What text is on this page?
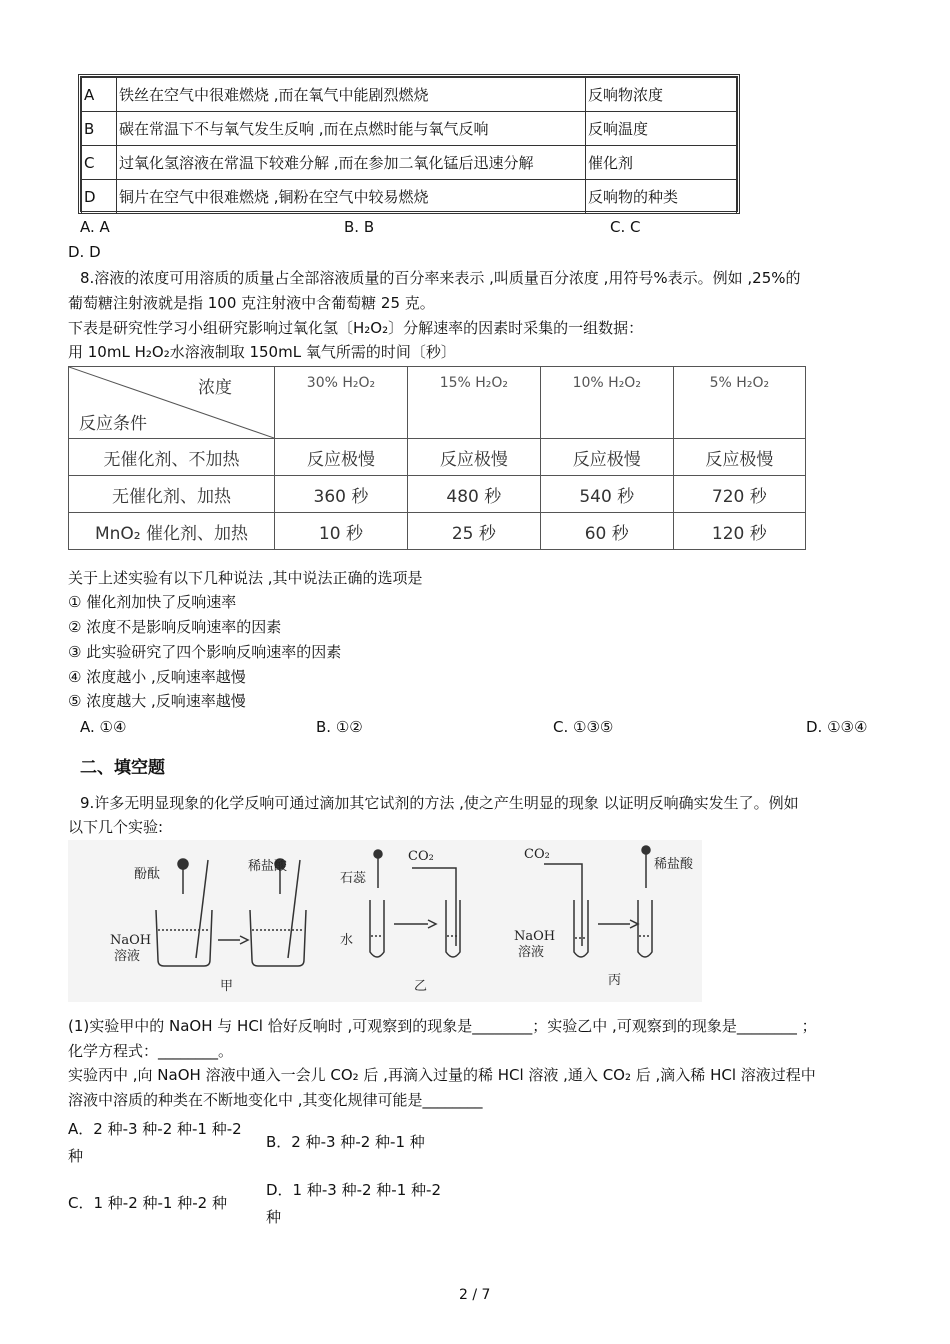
A	铁丝在空气中很难燃烧 ,而在氧气中能剧烈燃烧	反响物浓度
B	碳在常温下不与氧气发生反响 ,而在点燃时能与氧气反响	反响温度
C	过氧化氢溶液在常温下较难分解 ,而在参加二氧化锰后迅速分解	催化剂
D	铜片在空气中很难燃烧 ,铜粉在空气中较易燃烧	反响物的种类
A. A	B. B	C. C
D. D
8.溶液的浓度可用溶质的质量占全部溶液质量的百分率来表示 ,叫质量百分浓度 ,用符号%表示。例如 ,25%的
葡萄糖注射液就是指 100 克注射液中含葡萄糖 25 克。
下表是研究性学习小组研究影响过氧化氢〔H₂O₂〕分解速率的因素时采集的一组数据：
用 10mL H₂O₂水溶液制取 150mL 氧气所需的时间〔秒〕
浓度
反应条件	30% H₂O₂	15% H₂O₂	10% H₂O₂	5% H₂O₂
无催化剂、不加热	反应极慢	反应极慢	反应极慢	反应极慢
无催化剂、加热	360 秒	480 秒	540 秒	720 秒
MnO₂ 催化剂、加热	10 秒	25 秒	60 秒	120 秒
关于上述实验有以下几种说法 ,其中说法正确的选项是
① 催化剂加快了反响速率
② 浓度不是影响反响速率的因素
③ 此实验研究了四个影响反响速率的因素
④ 浓度越小 ,反响速率越慢
⑤ 浓度越大 ,反响速率越慢
A. ①④	B. ①②	C. ①③⑤	D. ①③④
二、填空题
9.许多无明显现象的化学反响可通过滴加其它试剂的方法 ,使之产生明显的现象 以证明反响确实发生了。例如
以下几个实验:
酚酞
稀盐酸
NaOH
溶液
甲
石蕊
CO₂
水
乙
CO₂
稀盐酸
NaOH
溶液
丙
(1)实验甲中的 NaOH 与 HCl 恰好反响时 ,可观察到的现象是________；实验乙中 ,可观察到的现象是________ ；
化学方程式：________。
实验丙中 ,向 NaOH 溶液中通入一会儿 CO₂ 后 ,再滴入过量的稀 HCl 溶液 ,通入 CO₂ 后 ,滴入稀 HCl 溶液过程中
溶液中溶质的种类在不断地变化中 ,其变化规律可能是________
A．2 种-3 种-2 种-1 种-2
种
B．2 种-3 种-2 种-1 种
C．1 种-2 种-1 种-2 种
D．1 种-3 种-2 种-1 种-2
种
2 / 7
